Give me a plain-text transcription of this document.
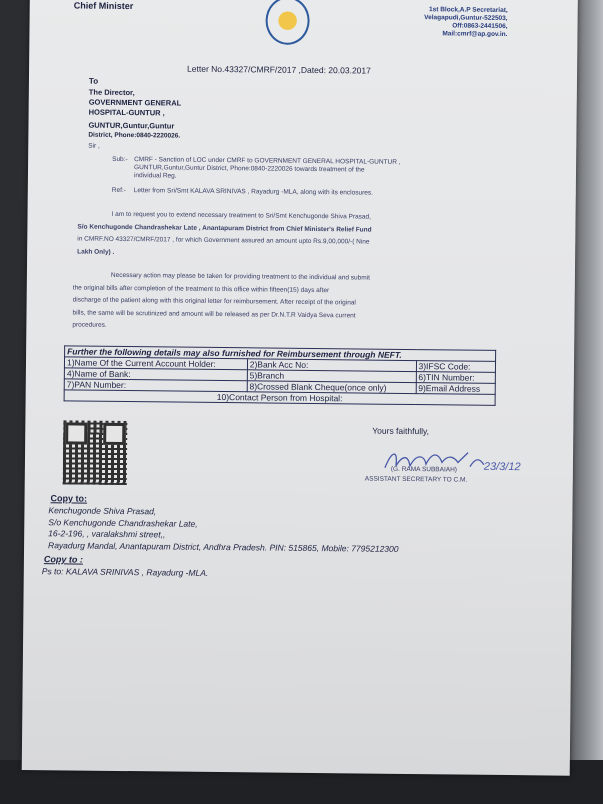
Chief Minister	1st Block,A.P Secretariat,
Velagapudi,Guntur-522503,
Off:0863-2441506,
Mail:cmrf@ap.gov.in.
Letter No.43327/CMRF/2017 ,Dated: 20.03.2017
To
The Director,
GOVERNMENT GENERAL
HOSPITAL-GUNTUR ,
GUNTUR,Guntur,Guntur
District, Phone:0840-2220026.
Sir ,
Sub:- CMRF - Sanction of LOC under CMRF to GOVERNMENT GENERAL HOSPITAL-GUNTUR ,
GUNTUR,Guntur,Guntur District, Phone:0840-2220026 towards treatment of the
individual Reg.
Ref:- Letter from Sri/Smt KALAVA SRINIVAS , Rayadurg -MLA, along with its enclosures.
I am to request you to extend necessary treatment to Sri/Smt Kenchugonde Shiva Prasad,
S/o Kenchugonde Chandrashekar Late , Anantapuram District from Chief Minister's Relief Fund
in CMRF.NO 43327/CMRF/2017 , for which Government assured an amount upto Rs.9,00,000/-( Nine
Lakh Only) .
Necessary action may please be taken for providing treatment to the individual and submit
the original bills after completion of the treatment to this office within fifteen(15) days after
discharge of the patient along with this original letter for reimbursement. After receipt of the original
bills, the same will be scrutinized and amount will be released as per Dr.N.T.R Vaidya Seva current
procedures.
Further the following details may also furnished for Reimbursement through NEFT.		
1)Name Of the Current Account Holder:	2)Bank Acc No:	3)IFSC Code:
4)Name of Bank:	5)Branch	6)TIN Number:
7)PAN Number:	8)Crossed Blank Cheque(once only)	9)Email Address
10)Contact Person from Hospital:		
Yours faithfully,
23/3/12
(G. RAMA SUBBAIAH)
ASSISTANT SECRETARY TO C.M.
Copy to:
Kenchugonde Shiva Prasad,
S/o Kenchugonde Chandrashekar Late,
16-2-196, , varalakshmi street,,
Rayadurg Mandal, Anantapuram District, Andhra Pradesh. PIN: 515865, Mobile: 7795212300
Copy to :
Ps to: KALAVA SRINIVAS , Rayadurg -MLA.
